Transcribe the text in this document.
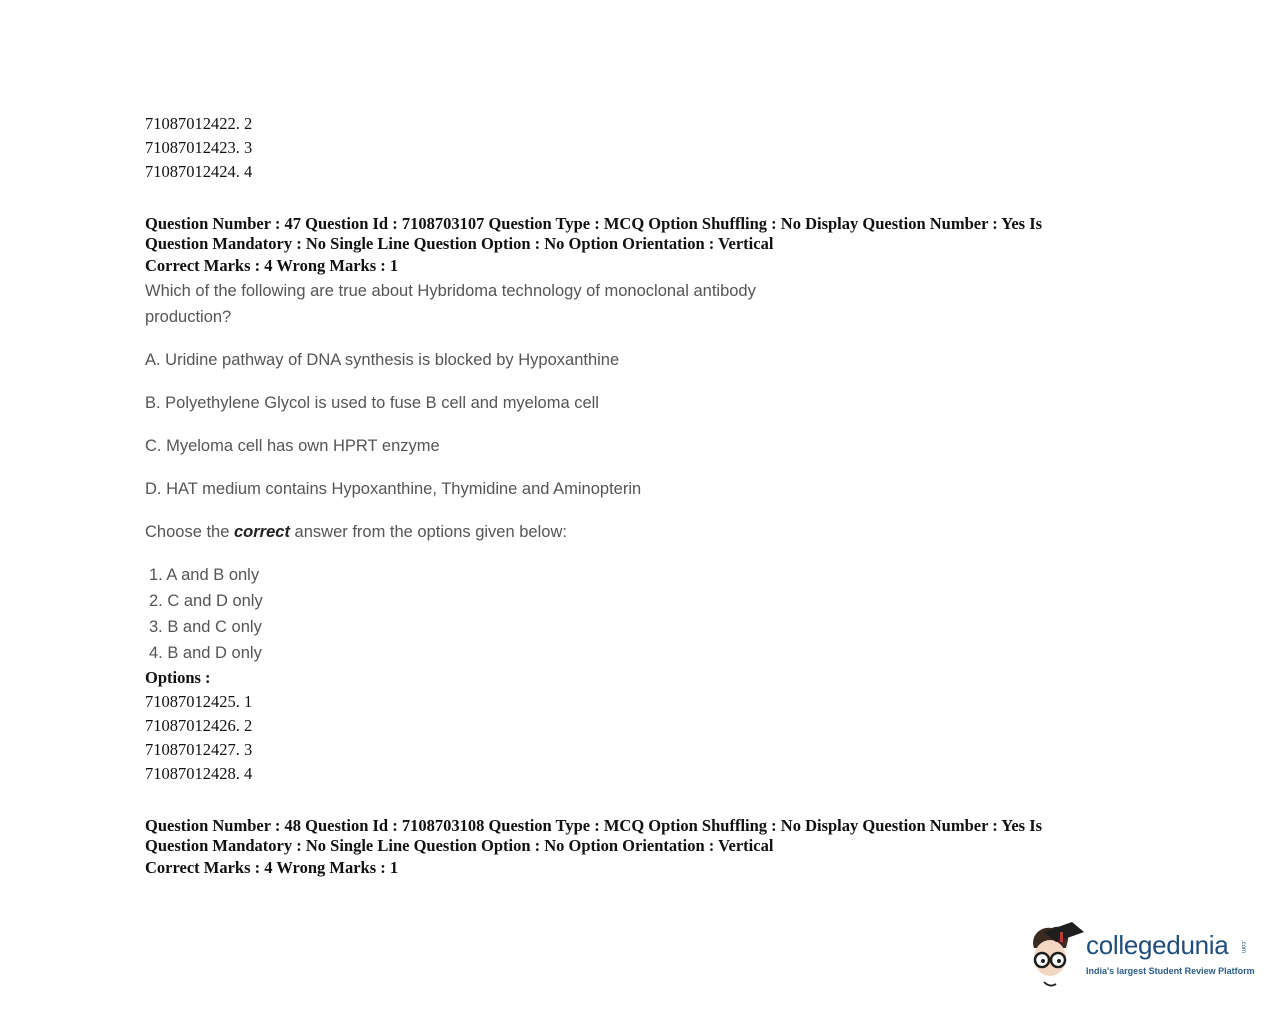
71087012422. 2
71087012423. 3
71087012424. 4
Question Number : 47 Question Id : 7108703107 Question Type : MCQ Option Shuffling : No Display Question Number : Yes Is
Question Mandatory : No Single Line Question Option : No Option Orientation : Vertical
Correct Marks : 4 Wrong Marks : 1
Which of the following are true about Hybridoma technology of monoclonal antibody
production?
A. Uridine pathway of DNA synthesis is blocked by Hypoxanthine
B. Polyethylene Glycol is used to fuse B cell and myeloma cell
C. Myeloma cell has own HPRT enzyme
D. HAT medium contains Hypoxanthine, Thymidine and Aminopterin
Choose the correct answer from the options given below:
1. A and B only
2. C and D only
3. B and C only
4. B and D only
Options :
71087012425. 1
71087012426. 2
71087012427. 3
71087012428. 4
Question Number : 48 Question Id : 7108703108 Question Type : MCQ Option Shuffling : No Display Question Number : Yes Is
Question Mandatory : No Single Line Question Option : No Option Orientation : Vertical
Correct Marks : 4 Wrong Marks : 1
collegedunia .com
India's largest Student Review Platform
